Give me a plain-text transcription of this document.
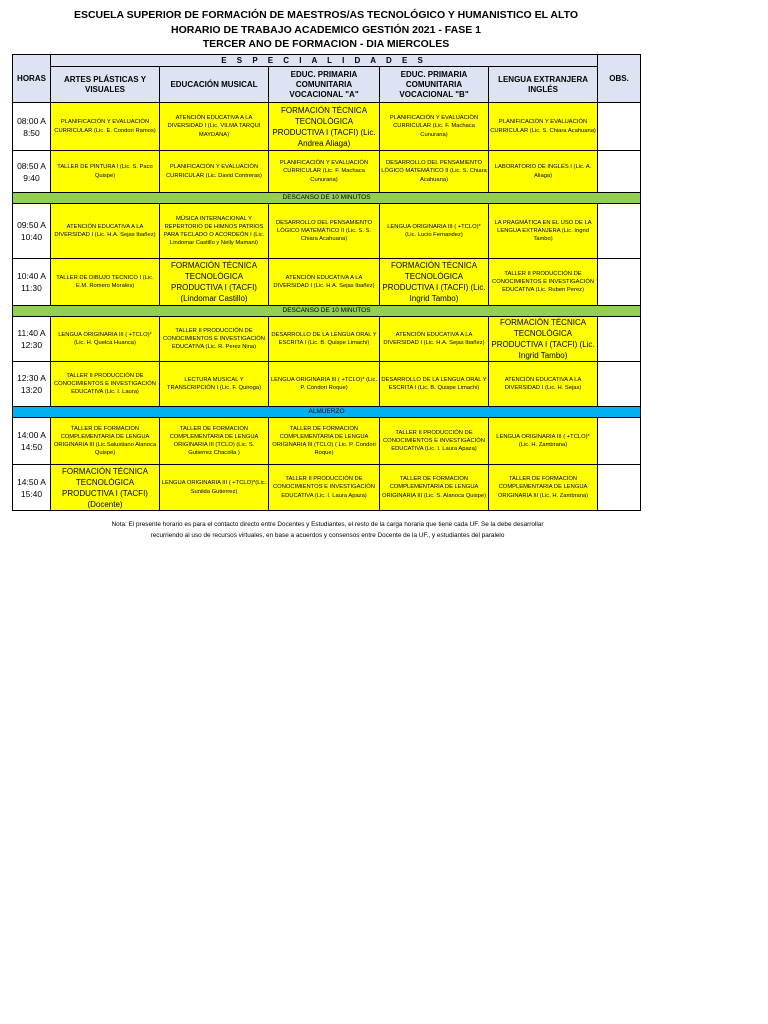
ESCUELA SUPERIOR DE FORMACIÓN DE MAESTROS/AS TECNOLÓGICO Y HUMANISTICO EL ALTO
HORARIO DE TRABAJO ACADEMICO GESTIÓN 2021 - FASE 1
TERCER ANO DE FORMACION - DIA MIERCOLES
HORAS	E S P E C I A L I D A D E S					OBS.
	ARTES PLÁSTICAS Y VISUALES	EDUCACIÓN MUSICAL	EDUC. PRIMARIA COMUNITARIA VOCACIONAL "A"	EDUC. PRIMARIA COMUNITARIA VOCACIONAL "B"	LENGUA EXTRANJERA INGLÉS	
08:00 A 8:50	PLANIFICACIÓN Y EVALUACIÓN CURRICULAR (Lic. E. Condori Ramos)	ATENCIÓN EDUCATIVA A LA DIVERSIDAD I (Lic. VILMA TARQUI MAYDANA)	FORMACIÓN TÉCNICA TECNOLÓGICA PRODUCTIVA I (TACFI) (Lic. Andrea Aliaga)	PLANIFICACIÓN Y EVALUACIÓN CURRICULAR (Lic. F. Machaca Cunurana)	PLANIFICACIÓN Y EVALUACIÓN CURRICULAR (Lic. S. Chiara Acahuana)	
08:50 A 9:40	TALLER DE PINTURA I (Lic. S. Paco Quispe)	PLANIFICACIÓN Y EVALUACIÓN CURRICULAR (Lic. David Contreras)	PLANIFICACIÓN Y EVALUACIÓN CURRICULAR (Lic. F. Machaca Cunurana)	DESARROLLO DEL PENSAMIENTO LÓGICO MATEMÁTICO II (Lic. S. Chiara Acahuana)	LABORATORIO DE INGLÉS I (Lic. A. Aliaga)	
DESCANSO DE 10 MINUTOS						
09:50 A 10:40	ATENCIÓN EDUCATIVA A LA DIVERSIDAD I (Lic. H.A. Sejas Ibañez)	MÚSICA INTERNACIONAL Y REPERTORIO DE HIMNOS PATRIOS PARA TECLADO O ACORDEÓN I (Lic. Lindomar Castillo y Nelly Mamani)	DESARROLLO DEL PENSAMIENTO LÓGICO MATEMÁTICO II (Lic. S. S. Chiara Acahuana)	LENGUA ORIGINARIA III ( +TCLO)* (Lic. Lucio Fernandez)	LA PRAGMÁTICA EN EL USO DE LA LENGUA EXTRANJERA (Lic. Ingrid Tambo)	
10:40 A 11:30	TALLER DE DIBUJO TECNICO I (Lic. E.M. Romero Morales)	FORMACIÓN TÉCNICA TECNOLÓGICA PRODUCTIVA I (TACFI) (Lindomar Castillo)	ATENCIÓN EDUCATIVA A LA DIVERSIDAD I (Lic. H.A. Sejas Ibañez)	FORMACIÓN TÉCNICA TECNOLÓGICA PRODUCTIVA I (TACFI) (Lic. Ingrid Tambo)	TALLER II PRODUCCIÓN DE CONOCIMIENTOS E INVESTIGACIÓN EDUCATIVA (Lic. Ruben Perez)	
DESCANSO DE 10 MINUTOS						
11:40 A 12:30	LENGUA ORIGINARIA III ( +TCLO)* (Lic. H. Quelca Huanca)	TALLER II PRODUCCIÓN DE CONOCIMIENTOS E INVESTIGACIÓN EDUCATIVA (Lic. R. Perez Nina)	DESARROLLO DE LA LENGUA ORAL Y ESCRITA I (Lic. B. Quispe Limachi)	ATENCIÓN EDUCATIVA A LA DIVERSIDAD I (Lic. H.A. Sejas Ibañez)	FORMACIÓN TÉCNICA TECNOLÓGICA PRODUCTIVA I (TACFI) (Lic. Ingrid Tambo)	
12:30 A 13:20	TALLER II PRODUCCIÓN DE CONOCIMIENTOS E INVESTIGACIÓN EDUCATIVA (Lic. I. Laura)	LECTURA MUSICAL Y TRANSCRIPCIÓN I (Lic. F. Quiroga)	LENGUA ORIGINARIA III ( +TCLO)* (Lic. P. Condori Roque)	DESARROLLO DE LA LENGUA ORAL Y ESCRITA I (Lic. B. Quispe Limachi)	ATENCIÓN EDUCATIVA A LA DIVERSIDAD I (Lic. H. Sejas)	
ALMUERZO						
14:00 A 14:50	TALLER DE FORMACION COMPLEMENTARIA DE LENGUA ORIGINARIA III (Lic.Salustiano Alanoca Quispe)	TALLER DE FORMACION COMPLEMENTARIA DE LENGUA ORIGINARIA III (TCLO) (Lic. S. Gutierrez Chacolla )	TALLER DE FORMACION COMPLEMENTARIA DE LENGUA ORIGINARIA III (TCLO) ( Lic. P. Condori Roque)	TALLER II PRODUCCIÓN DE CONOCIMIENTOS E INVESTIGACIÓN EDUCATIVA (Lic. I. Laura Apaza)	LENGUA ORIGINARIA III ( +TCLO)* (Lic. H. Zambrana)	
14:50 A 15:40	FORMACIÓN TÉCNICA TECNOLÓGICA PRODUCTIVA I (TACFI) (Docente)	LENGUA ORIGINARIA III ( +TCLO)*(Lic. Sunilda Gutierrez)	TALLER II PRODUCCIÓN DE CONOCIMIENTOS E INVESTIGACIÓN EDUCATIVA (Lic. I. Laura Apaza)	TALLER DE FORMACION COMPLEMENTARIA DE LENGUA ORIGINARIA III (Lic. S. Alanoca Quispe)	TALLER DE FORMACION COMPLEMENTARIA DE LENGUA ORIGINARIA III (Lic. H. Zambrana)	
Nota: El presente horario es para el contacto directo entre Docentes y Estudiantes, el resto de la carga horaria que tiene cada UF. Se la debe desarrollar
recurriendo al uso de recursos virtuales, en base a acuerdos y consensos entre Docente de la UF., y estudiantes del paralelo
